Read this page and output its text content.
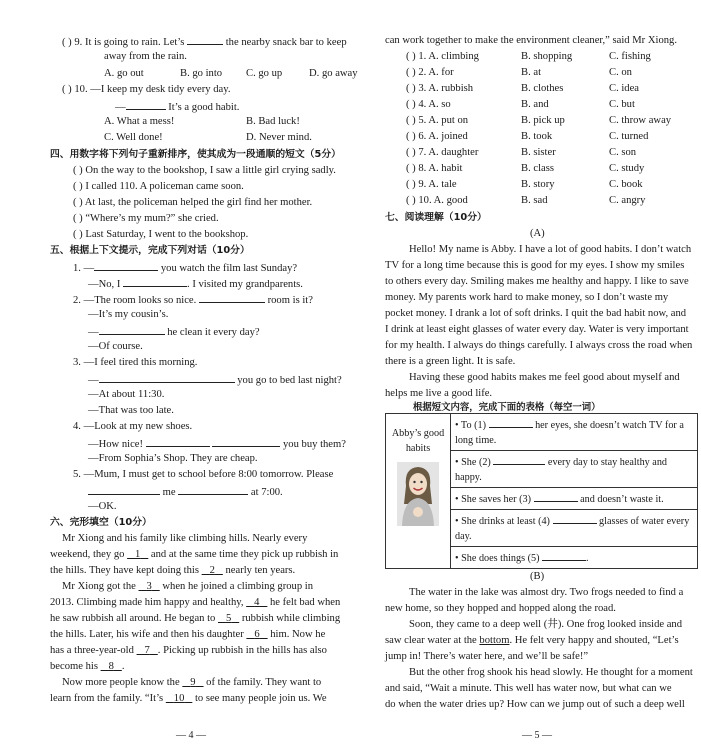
( ) 9. It is going to rain. Let’s	the nearby snack bar to keep
away from the rain.
A. go out	B. go into C. go up	D. go away
( ) 10. —I keep my desk tidy every day.
—	It’s a good habit.
A. What a mess!	B. Bad luck!
C. Well done!	D. Never mind.
四、用数字将下列句子重新排序，使其成为一段通顺的短文（5分）
( ) On the way to the bookshop, I saw a little girl crying sadly.
( ) I called 110. A policeman came soon.
( ) At last, the policeman helped the girl find her mother.
( ) “Where’s my mum?” she cried.
( ) Last Saturday, I went to the bookshop.
五、根据上下文提示，完成下列对话（10分）
1. —	you watch the film last Sunday?
—No, I	. I visited my grandparents.
2. —The room looks so nice.	room is it?
—It’s my cousin’s.
—	he clean it every day?
—Of course.
3. —I feel tired this morning.
—	you go to bed last night?
—At about 11:30.
—That was too late.
4. —Look at my new shoes.
—How nice!	you buy them?
—From Sophia’s Shop. They are cheap.
5. —Mum, I must get to school before 8:00 tomorrow. Please
me	at 7:00.
—OK.
六、完形填空（10分）
Mr Xiong and his family like climbing hills. Nearly every
weekend, they go    1    and at the same time they pick up rubbish in
the hills. They have kept doing this    2    nearly ten years.
Mr Xiong got the    3    when he joined a climbing group in
2013. Climbing made him happy and healthy,    4    he felt bad when
he saw rubbish all around. He began to    5    rubbish while climbing
the hills. Later, his wife and then his daughter    6    him. Now he
has a three-year-old    7 . Picking up rubbish in the hills has also
become his    8 .
Now more people know the    9    of the family. They want to
learn from the family. “It’s    10    to see many people join us. We
— 4 —
can work together to make the environment cleaner,” said Mr Xiong.
( ) 1. A. climbing	B. shopping	C. fishing
( ) 2. A. for	B. at	C. on
( ) 3. A. rubbish	B. clothes	C. idea
( ) 4. A. so	B. and	C. but
( ) 5. A. put on	B. pick up	C. throw away
( ) 6. A. joined	B. took	C. turned
( ) 7. A. daughter	B. sister	C. son
( ) 8. A. habit	B. class	C. study
( ) 9. A. tale	B. story	C. book
( ) 10. A. good	B. sad	C. angry
七、阅读理解（10分）
(A)
Hello! My name is Abby. I have a lot of good habits. I don’t watch
TV for a long time because this is good for my eyes. I show my smiles
to others every day. Smiling makes me healthy and happy. I like to save
money. My parents work hard to make money, so I don’t waste my
pocket money. I drank a lot of soft drinks. I quit the bad habit now, and
I drink at least eight glasses of water every day. Water is very important
for my health. I always do things carefully. I always cross the road when
there is a green light. It is safe.
Having these good habits makes me feel good about myself and
helps me live a good life.
根据短文内容，完成下面的表格（每空一词）
Abby’s good habits
	• To (1)	her eyes, she doesn’t watch TV for a long time.
• She (2)	every day to stay healthy and happy.
• She saves her (3)	and doesn’t waste it.
• She drinks at least (4)	glasses of water every day.
• She does things (5)	.
(B)
The water in the lake was almost dry. Two frogs needed to find a
new home, so they hopped and hopped along the road.
Soon, they came to a deep well (井). One frog looked inside and
saw clear water at the bottom. He felt very happy and shouted, “Let’s
jump in! There’s water here, and we’ll be safe!”
But the other frog shook his head slowly. He thought for a moment
and said, “Wait a minute. This well has water now, but what can we
do when the water dries up? How can we jump out of such a deep well
— 5 —
